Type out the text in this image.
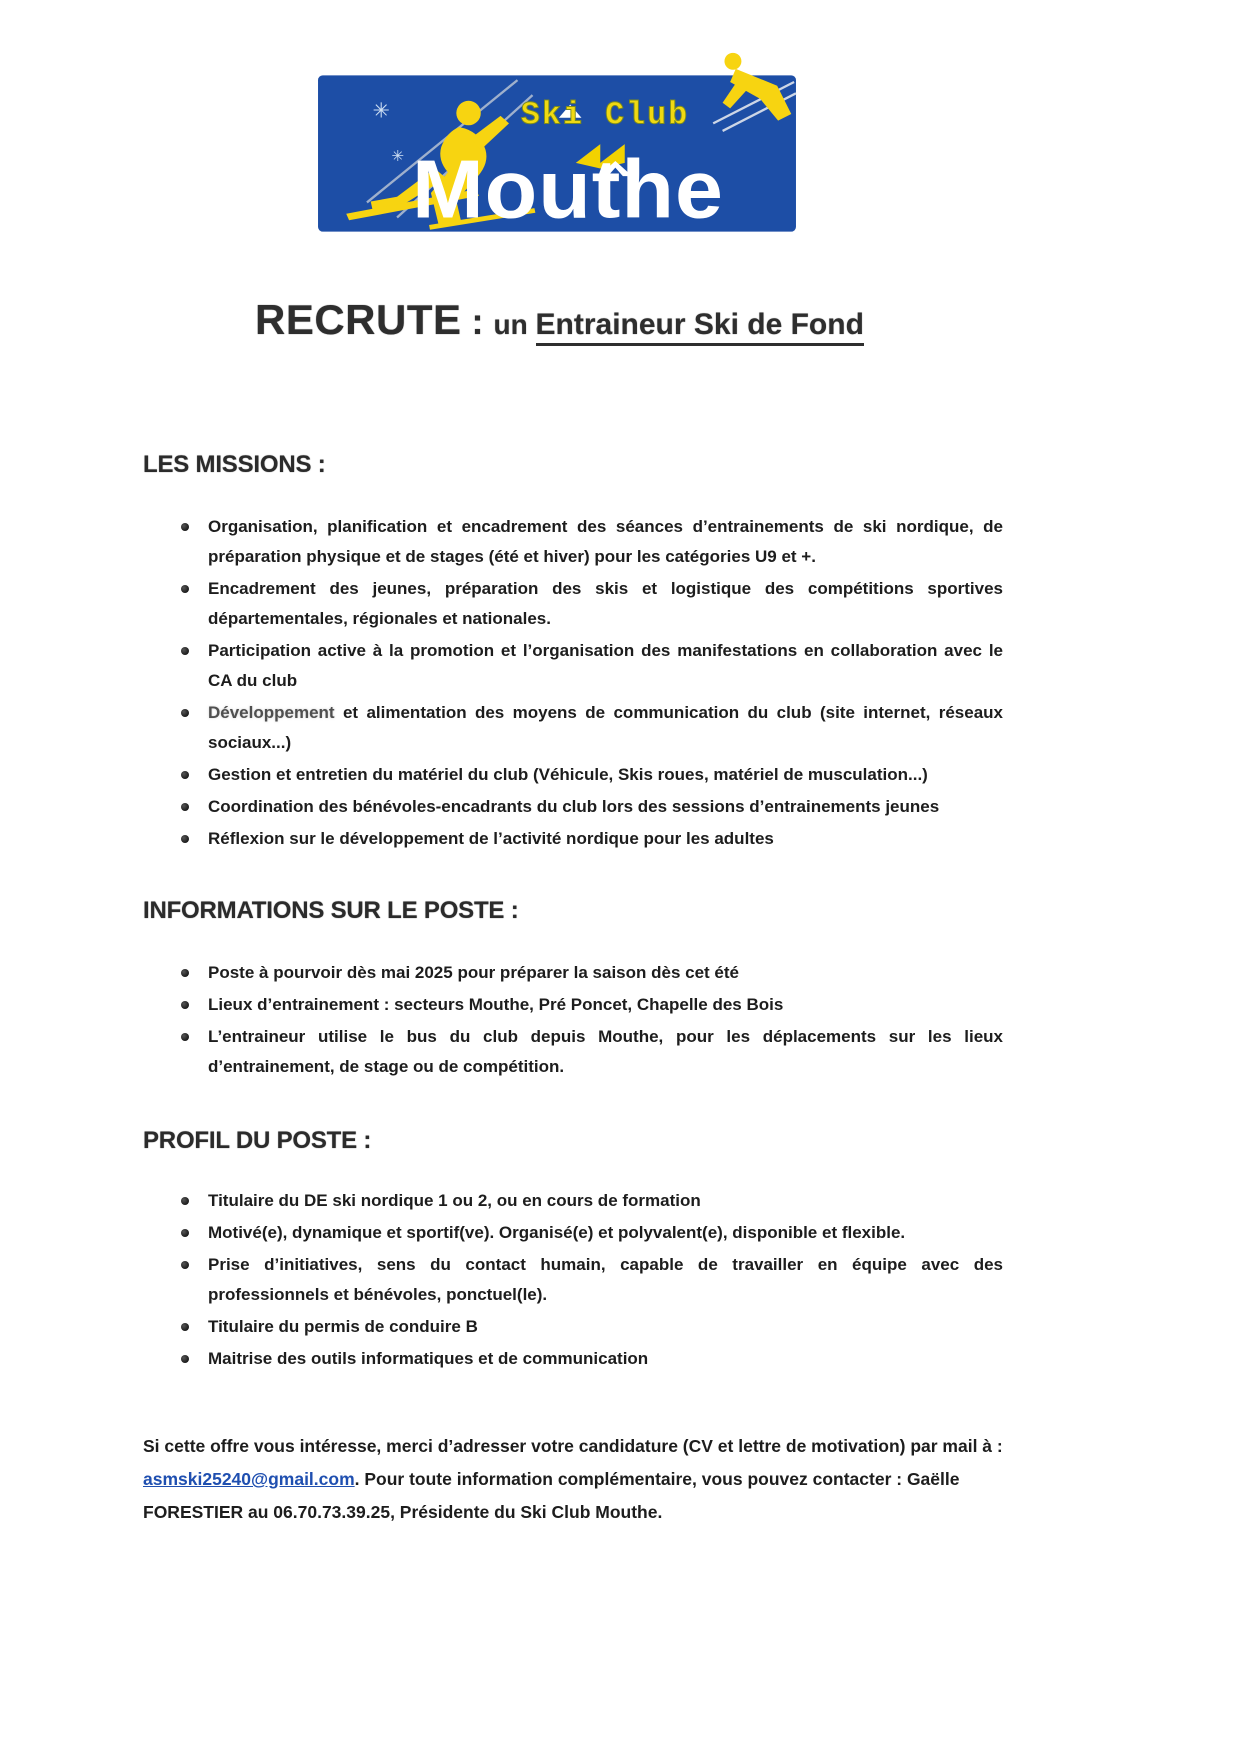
✳
✳
Ski Club
Mouthe
RECRUTE : un Entraineur Ski de Fond
LES MISSIONS :
Organisation, planification et encadrement des séances d’entrainements de ski nordique, de préparation physique et de stages (été et hiver) pour les catégories U9 et +.
Encadrement des jeunes, préparation des skis et logistique des compétitions sportives départementales, régionales et nationales.
Participation active à la promotion et l’organisation des manifestations en collaboration avec le CA du club
Développement et alimentation des moyens de communication du club (site internet, réseaux sociaux...)
Gestion et entretien du matériel du club (Véhicule, Skis roues, matériel de musculation...)
Coordination des bénévoles-encadrants du club lors des sessions d’entrainements jeunes
Réflexion sur le développement de l’activité nordique pour les adultes
INFORMATIONS SUR LE POSTE :
Poste à pourvoir dès mai 2025 pour préparer la saison dès cet été
Lieux d’entrainement : secteurs Mouthe, Pré Poncet, Chapelle des Bois
L’entraineur utilise le bus du club depuis Mouthe, pour les déplacements sur les lieux d’entrainement, de stage ou de compétition.
PROFIL DU POSTE :
Titulaire du DE ski nordique 1 ou 2, ou en cours de formation
Motivé(e), dynamique et sportif(ve). Organisé(e) et polyvalent(e), disponible et flexible.
Prise d’initiatives, sens du contact humain, capable de travailler en équipe avec des professionnels et bénévoles, ponctuel(le).
Titulaire du permis de conduire B
Maitrise des outils informatiques et de communication

Si cette offre vous intéresse, merci d’adresser votre candidature (CV et lettre de motivation) par mail à : asmski25240@gmail.com. Pour toute information complémentaire, vous pouvez contacter : Gaëlle FORESTIER au 06.70.73.39.25, Présidente du Ski Club Mouthe.
